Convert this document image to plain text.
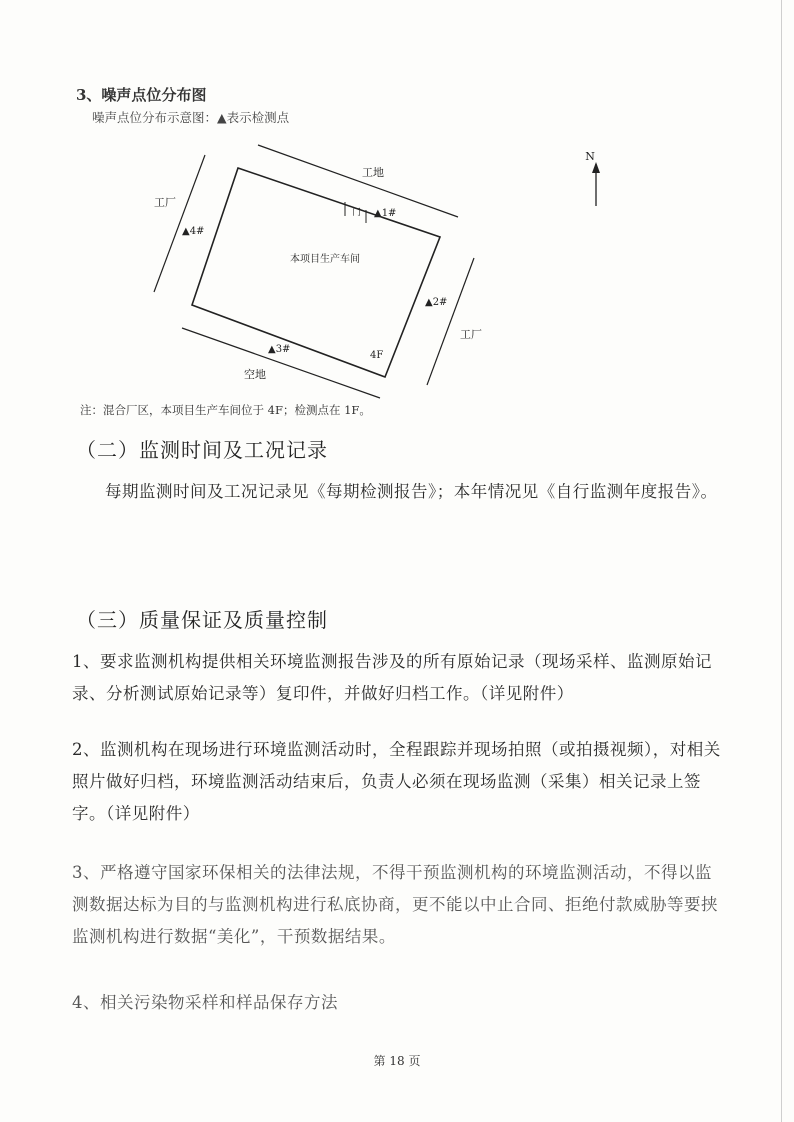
3、噪声点位分布图
噪声点位分布示意图：▲表示检测点
N
工地
工厂
工厂
空地
本项目生产车间
门
4F
▲1#
▲2#
▲3#
▲4#
注：混合厂区，本项目生产车间位于 4F；检测点在 1F。
（二）监测时间及工况记录
每期监测时间及工况记录见《每期检测报告》；本年情况见《自行监测年度报告》。
（三）质量保证及质量控制
1、要求监测机构提供相关环境监测报告涉及的所有原始记录（现场采样、监测原始记录、分析测试原始记录等）复印件，并做好归档工作。（详见附件）
2、监测机构在现场进行环境监测活动时，全程跟踪并现场拍照（或拍摄视频），对相关照片做好归档，环境监测活动结束后，负责人必须在现场监测（采集）相关记录上签字。（详见附件）
3、严格遵守国家环保相关的法律法规，不得干预监测机构的环境监测活动，不得以监测数据达标为目的与监测机构进行私底协商，更不能以中止合同、拒绝付款威胁等要挟监测机构进行数据“美化”，干预数据结果。
4、相关污染物采样和样品保存方法
第 18 页
